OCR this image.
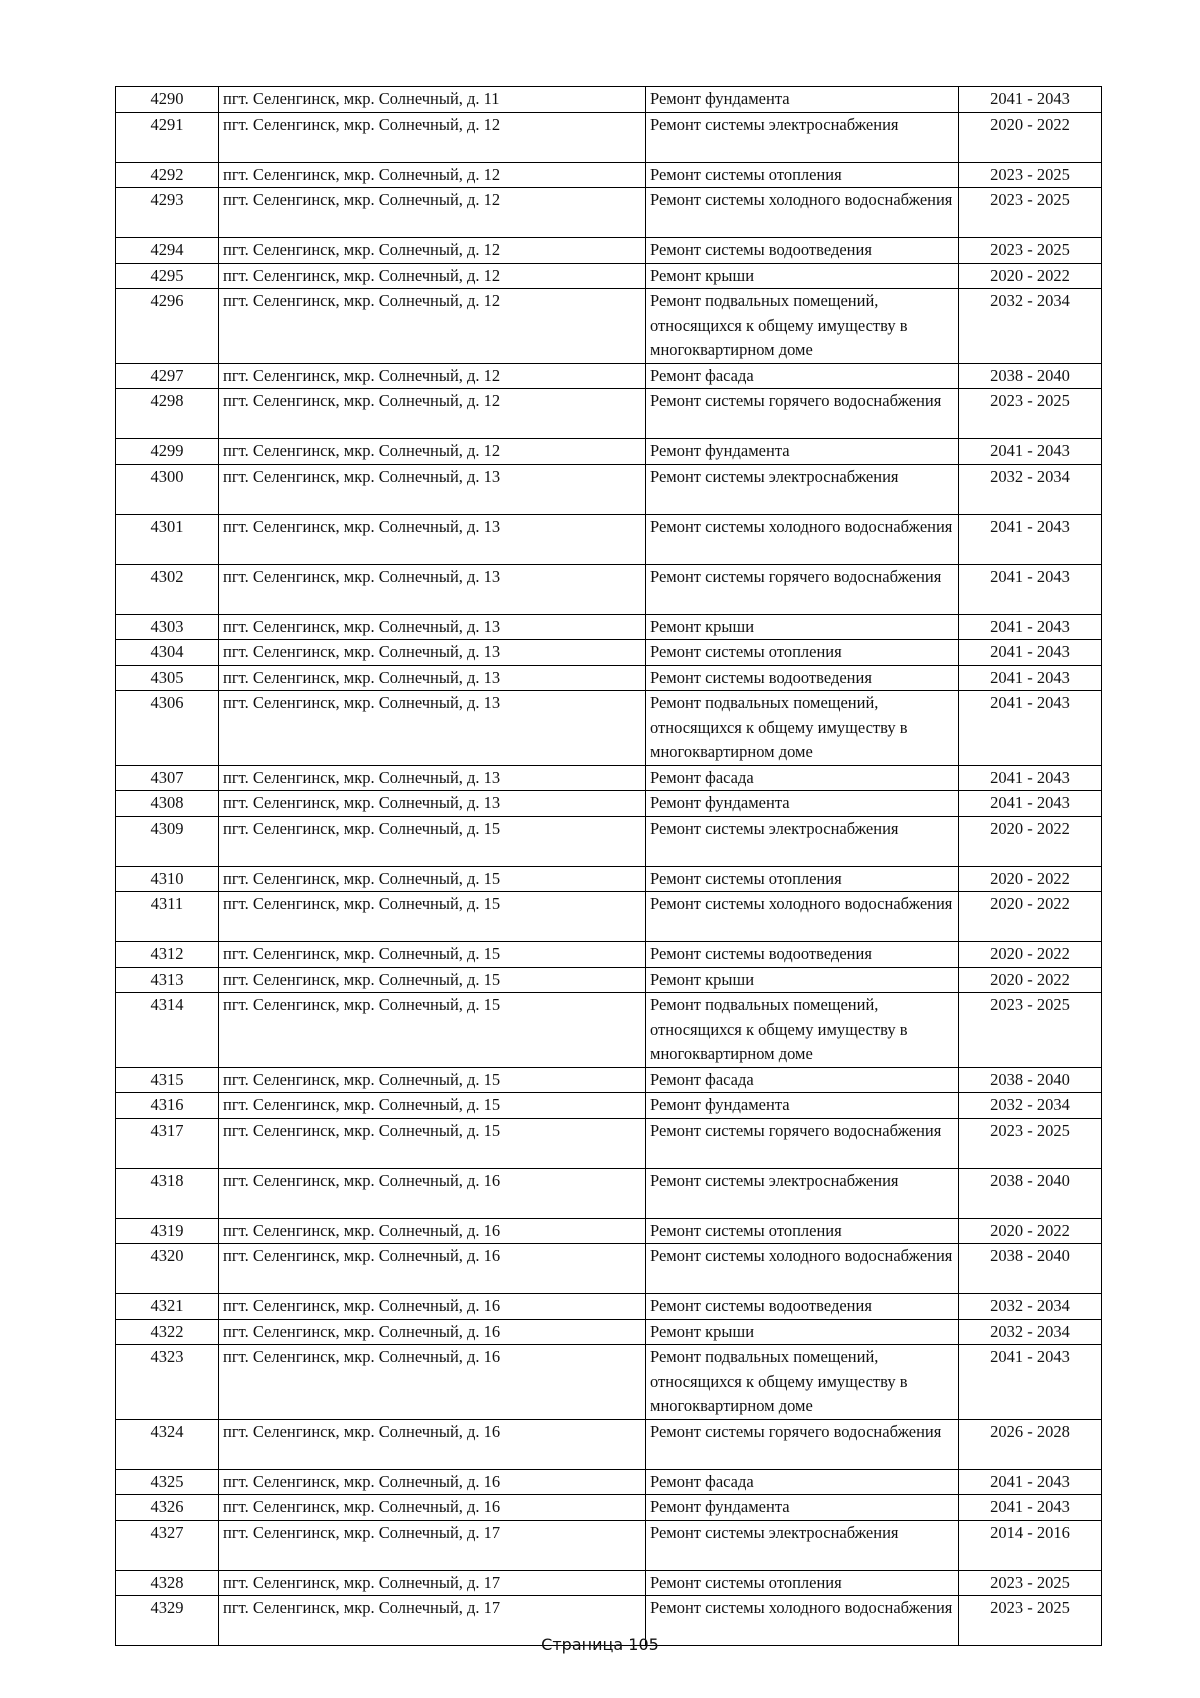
4290	пгт. Селенгинск, мкр. Солнечный, д. 11	Ремонт фундамента	2041 - 2043
4291	пгт. Селенгинск, мкр. Солнечный, д. 12	Ремонт системы электроснабжения	2020 - 2022
4292	пгт. Селенгинск, мкр. Солнечный, д. 12	Ремонт системы отопления	2023 - 2025
4293	пгт. Селенгинск, мкр. Солнечный, д. 12	Ремонт системы холодного водоснабжения	2023 - 2025
4294	пгт. Селенгинск, мкр. Солнечный, д. 12	Ремонт системы водоотведения	2023 - 2025
4295	пгт. Селенгинск, мкр. Солнечный, д. 12	Ремонт крыши	2020 - 2022
4296	пгт. Селенгинск, мкр. Солнечный, д. 12	Ремонт подвальных помещений, относящихся к общему имуществу в многоквартирном доме	2032 - 2034
4297	пгт. Селенгинск, мкр. Солнечный, д. 12	Ремонт фасада	2038 - 2040
4298	пгт. Селенгинск, мкр. Солнечный, д. 12	Ремонт системы горячего водоснабжения	2023 - 2025
4299	пгт. Селенгинск, мкр. Солнечный, д. 12	Ремонт фундамента	2041 - 2043
4300	пгт. Селенгинск, мкр. Солнечный, д. 13	Ремонт системы электроснабжения	2032 - 2034
4301	пгт. Селенгинск, мкр. Солнечный, д. 13	Ремонт системы холодного водоснабжения	2041 - 2043
4302	пгт. Селенгинск, мкр. Солнечный, д. 13	Ремонт системы горячего водоснабжения	2041 - 2043
4303	пгт. Селенгинск, мкр. Солнечный, д. 13	Ремонт крыши	2041 - 2043
4304	пгт. Селенгинск, мкр. Солнечный, д. 13	Ремонт системы отопления	2041 - 2043
4305	пгт. Селенгинск, мкр. Солнечный, д. 13	Ремонт системы водоотведения	2041 - 2043
4306	пгт. Селенгинск, мкр. Солнечный, д. 13	Ремонт подвальных помещений, относящихся к общему имуществу в многоквартирном доме	2041 - 2043
4307	пгт. Селенгинск, мкр. Солнечный, д. 13	Ремонт фасада	2041 - 2043
4308	пгт. Селенгинск, мкр. Солнечный, д. 13	Ремонт фундамента	2041 - 2043
4309	пгт. Селенгинск, мкр. Солнечный, д. 15	Ремонт системы электроснабжения	2020 - 2022
4310	пгт. Селенгинск, мкр. Солнечный, д. 15	Ремонт системы отопления	2020 - 2022
4311	пгт. Селенгинск, мкр. Солнечный, д. 15	Ремонт системы холодного водоснабжения	2020 - 2022
4312	пгт. Селенгинск, мкр. Солнечный, д. 15	Ремонт системы водоотведения	2020 - 2022
4313	пгт. Селенгинск, мкр. Солнечный, д. 15	Ремонт крыши	2020 - 2022
4314	пгт. Селенгинск, мкр. Солнечный, д. 15	Ремонт подвальных помещений, относящихся к общему имуществу в многоквартирном доме	2023 - 2025
4315	пгт. Селенгинск, мкр. Солнечный, д. 15	Ремонт фасада	2038 - 2040
4316	пгт. Селенгинск, мкр. Солнечный, д. 15	Ремонт фундамента	2032 - 2034
4317	пгт. Селенгинск, мкр. Солнечный, д. 15	Ремонт системы горячего водоснабжения	2023 - 2025
4318	пгт. Селенгинск, мкр. Солнечный, д. 16	Ремонт системы электроснабжения	2038 - 2040
4319	пгт. Селенгинск, мкр. Солнечный, д. 16	Ремонт системы отопления	2020 - 2022
4320	пгт. Селенгинск, мкр. Солнечный, д. 16	Ремонт системы холодного водоснабжения	2038 - 2040
4321	пгт. Селенгинск, мкр. Солнечный, д. 16	Ремонт системы водоотведения	2032 - 2034
4322	пгт. Селенгинск, мкр. Солнечный, д. 16	Ремонт крыши	2032 - 2034
4323	пгт. Селенгинск, мкр. Солнечный, д. 16	Ремонт подвальных помещений, относящихся к общему имуществу в многоквартирном доме	2041 - 2043
4324	пгт. Селенгинск, мкр. Солнечный, д. 16	Ремонт системы горячего водоснабжения	2026 - 2028
4325	пгт. Селенгинск, мкр. Солнечный, д. 16	Ремонт фасада	2041 - 2043
4326	пгт. Селенгинск, мкр. Солнечный, д. 16	Ремонт фундамента	2041 - 2043
4327	пгт. Селенгинск, мкр. Солнечный, д. 17	Ремонт системы электроснабжения	2014 - 2016
4328	пгт. Селенгинск, мкр. Солнечный, д. 17	Ремонт системы отопления	2023 - 2025
4329	пгт. Селенгинск, мкр. Солнечный, д. 17	Ремонт системы холодного водоснабжения	2023 - 2025
Страница 105
